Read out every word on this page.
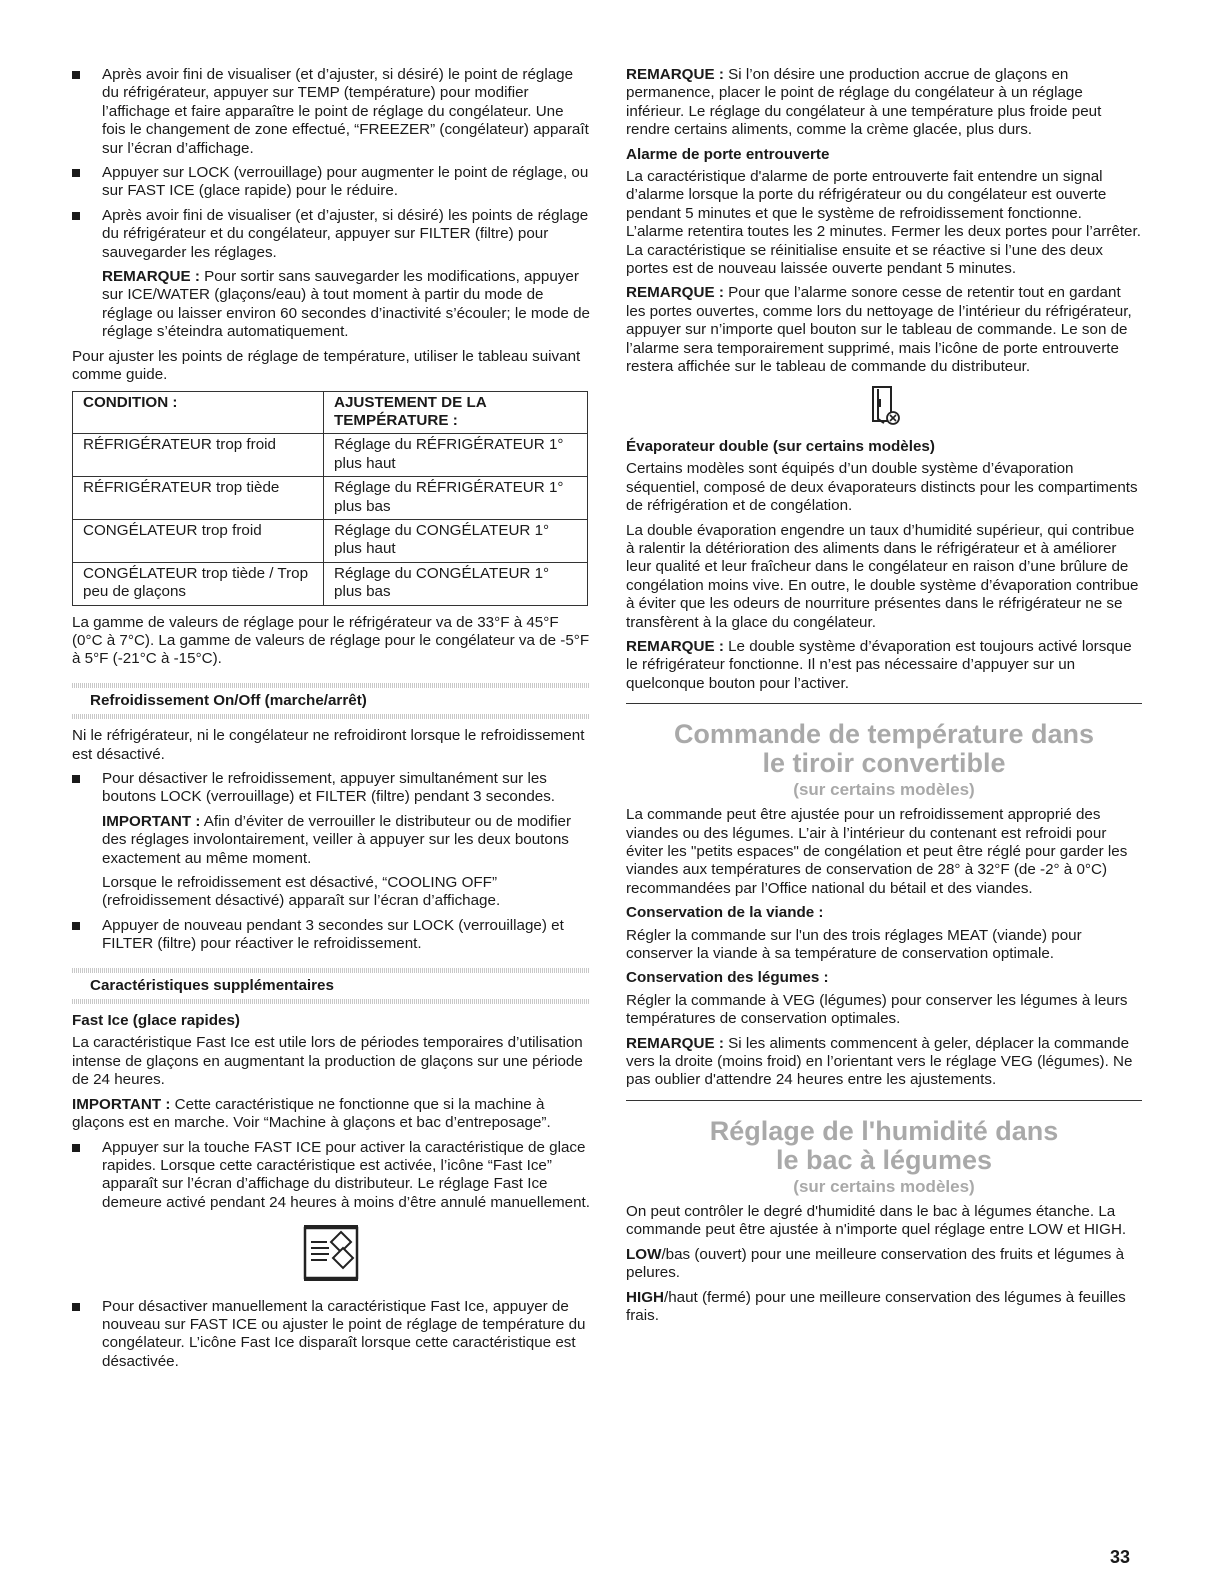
Après avoir fini de visualiser (et d’ajuster, si désiré) le point de réglage du réfrigérateur, appuyer sur TEMP (température) pour modifier l’affichage et faire apparaître le point de réglage du congélateur. Une fois le changement de zone effectué, “FREEZER” (congélateur) apparaît sur l’écran d’affichage.
Appuyer sur LOCK (verrouillage) pour augmenter le point de réglage, ou sur FAST ICE (glace rapide) pour le réduire.
Après avoir fini de visualiser (et d’ajuster, si désiré) les points de réglage du réfrigérateur et du congélateur, appuyer sur FILTER (filtre) pour sauvegarder les réglages.
REMARQUE : Pour sortir sans sauvegarder les modifications, appuyer sur ICE/WATER (glaçons/eau) à tout moment à partir du mode de réglage ou laisser environ 60 secondes d’inactivité s’écouler; le mode de réglage s’éteindra automatiquement.

Pour ajuster les points de réglage de température, utiliser le tableau suivant comme guide.

CONDITION :	AJUSTEMENT DE LA TEMPÉRATURE :
RÉFRIGÉRATEUR trop froid	Réglage du RÉFRIGÉRATEUR 1° plus haut
RÉFRIGÉRATEUR trop tiède	Réglage du RÉFRIGÉRATEUR 1° plus bas
CONGÉLATEUR trop froid	Réglage du CONGÉLATEUR 1° plus haut
CONGÉLATEUR trop tiède / Trop peu de glaçons	Réglage du CONGÉLATEUR 1° plus bas

La gamme de valeurs de réglage pour le réfrigérateur va de 33°F à 45°F (0°C à 7°C). La gamme de valeurs de réglage pour le congélateur va de -5°F à 5°F (-21°C à -15°C).

Refroidissement On/Off (marche/arrêt)

Ni le réfrigérateur, ni le congélateur ne refroidiront lorsque le refroidissement est désactivé.

Pour désactiver le refroidissement, appuyer simultanément sur les boutons LOCK (verrouillage) et FILTER (filtre) pendant 3 secondes.
IMPORTANT : Afin d’éviter de verrouiller le distributeur ou de modifier des réglages involontairement, veiller à appuyer sur les deux boutons exactement au même moment.
Lorsque le refroidissement est désactivé, “COOLING OFF” (refroidissement désactivé) apparaît sur l’écran d’affichage.
Appuyer de nouveau pendant 3 secondes sur LOCK (verrouillage) et FILTER (filtre) pour réactiver le refroidissement.
Caractéristiques supplémentaires
Fast Ice (glace rapides)

La caractéristique Fast Ice est utile lors de périodes temporaires d’utilisation intense de glaçons en augmentant la production de glaçons sur une période de 24 heures.

IMPORTANT : Cette caractéristique ne fonctionne que si la machine à glaçons est en marche. Voir “Machine à glaçons et bac d’entreposage”.

Appuyer sur la touche FAST ICE pour activer la caractéristique de glace rapides. Lorsque cette caractéristique est activée, l’icône “Fast Ice” apparaît sur l’écran d’affichage du distributeur. Le réglage Fast Ice demeure activé pendant 24 heures à moins d’être annulé manuellement.
Pour désactiver manuellement la caractéristique Fast Ice, appuyer de nouveau sur FAST ICE ou ajuster le point de réglage de température du congélateur. L’icône Fast Ice disparaît lorsque cette caractéristique est désactivée.

REMARQUE : Si l’on désire une production accrue de glaçons en permanence, placer le point de réglage du congélateur à un réglage inférieur. Le réglage du congélateur à une température plus froide peut rendre certains aliments, comme la crème glacée, plus durs.

Alarme de porte entrouverte

La caractéristique d'alarme de porte entrouverte fait entendre un signal d’alarme lorsque la porte du réfrigérateur ou du congélateur est ouverte pendant 5 minutes et que le système de refroidissement fonctionne. L’alarme retentira toutes les 2 minutes. Fermer les deux portes pour l’arrêter. La caractéristique se réinitialise ensuite et se réactive si l’une des deux portes est de nouveau laissée ouverte pendant 5 minutes.

REMARQUE : Pour que l’alarme sonore cesse de retentir tout en gardant les portes ouvertes, comme lors du nettoyage de l’intérieur du réfrigérateur, appuyer sur n’importe quel bouton sur le tableau de commande. Le son de l’alarme sera temporairement supprimé, mais l’icône de porte entrouverte restera affichée sur le tableau de commande du distributeur.

Évaporateur double (sur certains modèles)

Certains modèles sont équipés d’un double système d’évaporation séquentiel, composé de deux évaporateurs distincts pour les compartiments de réfrigération et de congélation.

La double évaporation engendre un taux d’humidité supérieur, qui contribue à ralentir la détérioration des aliments dans le réfrigérateur et à améliorer leur qualité et leur fraîcheur dans le congélateur en raison d’une brûlure de congélation moins vive. En outre, le double système d’évaporation contribue à éviter que les odeurs de nourriture présentes dans le réfrigérateur ne se transfèrent à la glace du congélateur.

REMARQUE : Le double système d’évaporation est toujours activé lorsque le réfrigérateur fonctionne. Il n’est pas nécessaire d’appuyer sur un quelconque bouton pour l’activer.

Commande de température dans
le tiroir convertible
(sur certains modèles)

La commande peut être ajustée pour un refroidissement approprié des viandes ou des légumes. L’air à l’intérieur du contenant est refroidi pour éviter les "petits espaces" de congélation et peut être réglé pour garder les viandes aux températures de conservation de 28° à 32°F (de -2° à 0°C) recommandées par l’Office national du bétail et des viandes.

Conservation de la viande :

Régler la commande sur l'un des trois réglages MEAT (viande) pour conserver la viande à sa température de conservation optimale.

Conservation des légumes :

Régler la commande à VEG (légumes) pour conserver les légumes à leurs températures de conservation optimales.

REMARQUE : Si les aliments commencent à geler, déplacer la commande vers la droite (moins froid) en l’orientant vers le réglage VEG (légumes). Ne pas oublier d'attendre 24 heures entre les ajustements.

Réglage de l'humidité dans
le bac à légumes
(sur certains modèles)

On peut contrôler le degré d'humidité dans le bac à légumes étanche. La commande peut être ajustée à n'importe quel réglage entre LOW et HIGH.

LOW/bas (ouvert) pour une meilleure conservation des fruits et légumes à pelures.

HIGH/haut (fermé) pour une meilleure conservation des légumes à feuilles frais.

33
